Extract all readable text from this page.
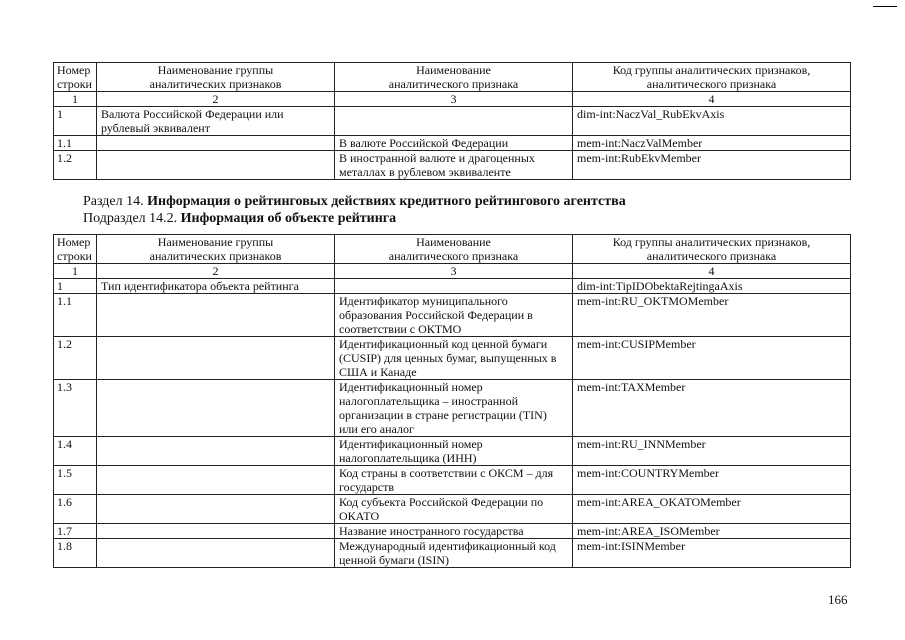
Номер строки	Наименование группы аналитических признаков	Наименование аналитического признака	Код группы аналитических признаков, аналитического признака
1	2	3	4
1	Валюта Российской Федерации или рублевый эквивалент		dim-int:NaczVal_RubEkvAxis
1.1		В валюте Российской Федерации	mem-int:NaczValMember
1.2		В иностранной валюте и драгоценных металлах в рублевом эквиваленте	mem-int:RubEkvMember
Раздел 14. Информация о рейтинговых действиях кредитного рейтингового агентства
Подраздел 14.2. Информация об объекте рейтинга
Номер строки	Наименование группы аналитических признаков	Наименование аналитического признака	Код группы аналитических признаков, аналитического признака
1	2	3	4
1	Тип идентификатора объекта рейтинга		dim-int:TipIDObektaRejtingaAxis
1.1		Идентификатор муниципального образования Российской Федерации в соответствии с ОКТМО	mem-int:RU_OKTMOMember
1.2		Идентификационный код ценной бумаги (CUSIP) для ценных бумаг, выпущенных в США и Канаде	mem-int:CUSIPMember
1.3		Идентификационный номер налогоплательщика – иностранной организации в стране регистрации (TIN) или его аналог	mem-int:TAXMember
1.4		Идентификационный номер налогоплательщика (ИНН)	mem-int:RU_INNMember
1.5		Код страны в соответствии с ОКСМ – для государств	mem-int:COUNTRYMember
1.6		Код субъекта Российской Федерации по ОКАТО	mem-int:AREA_OKATOMember
1.7		Название иностранного государства	mem-int:AREA_ISOMember
1.8		Международный идентификационный код ценной бумаги (ISIN)	mem-int:ISINMember
166
